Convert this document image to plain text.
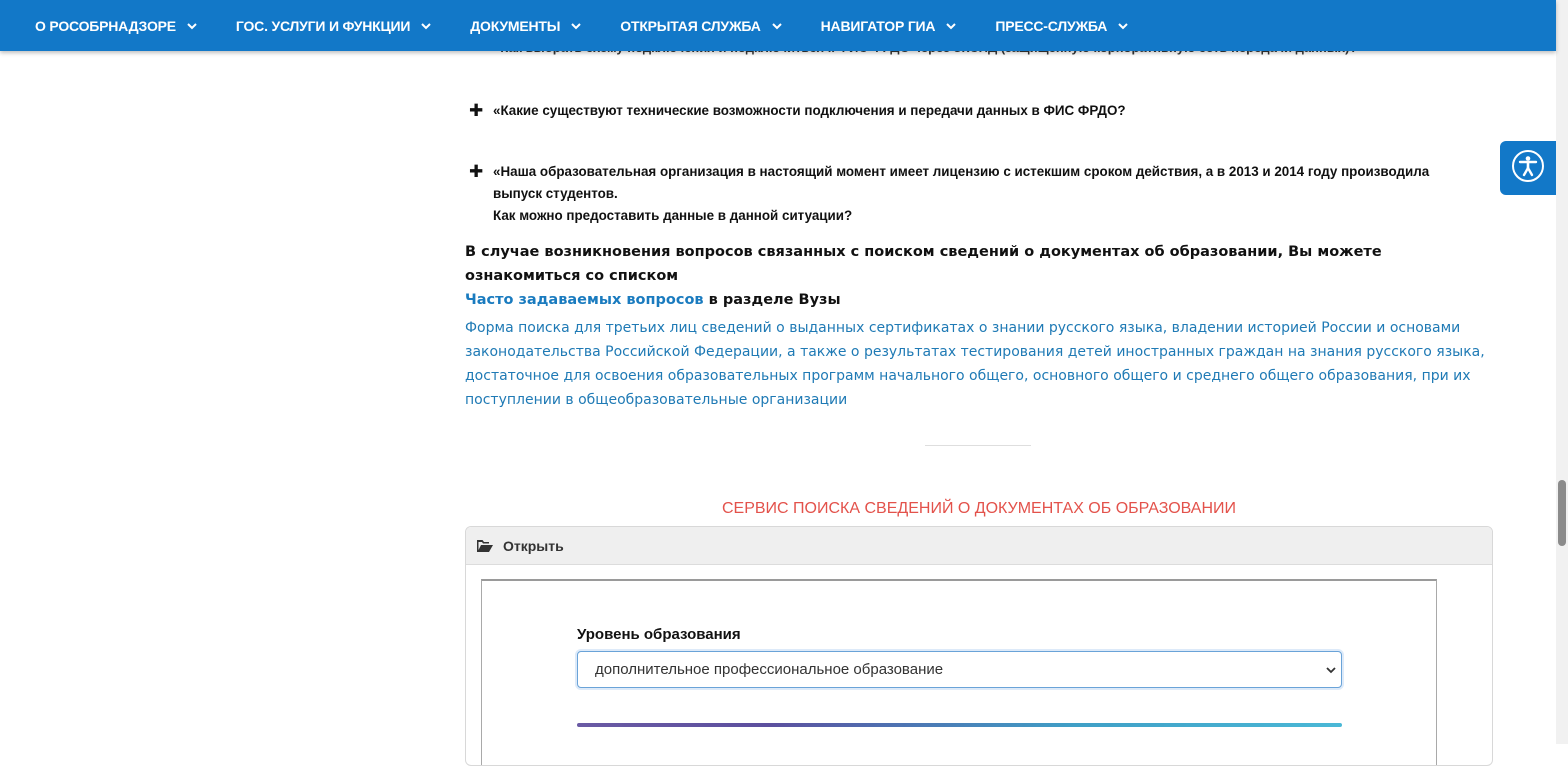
О РОСОБРНАДЗОРЕ	ГОС. УСЛУГИ И ФУНКЦИИ	ДОКУМЕНТЫ	ОТКРЫТАЯ СЛУЖБА	НАВИГАТОР ГИА	ПРЕСС-СЛУЖБА
✚ «Какие существуют технические возможности подключения и передачи данных в ФИС ФРДО?
✚ «Наша образовательная организация в настоящий момент имеет лицензию с истекшим сроком действия, а в 2013 и 2014 году производила выпуск студентов.
Как можно предоставить данные в данной ситуации?
В случае возникновения вопросов связанных с поиском сведений о документах об образовании, Вы можете ознакомиться со списком
Часто задаваемых вопросов в разделе Вузы
Форма поиска для третьих лиц сведений о выданных сертификатах о знании русского языка, владении историей России и основами законодательства Российской Федерации, а также о результатах тестирования детей иностранных граждан на знания русского языка, достаточное для освоения образовательных программ начального общего, основного общего и среднего общего образования, при их поступлении в общеобразовательные организации
СЕРВИС ПОИСКА СВЕДЕНИЙ О ДОКУМЕНТАХ ОБ ОБРАЗОВАНИИ
Открыть
Уровень образования
дополнительное профессиональное образование
